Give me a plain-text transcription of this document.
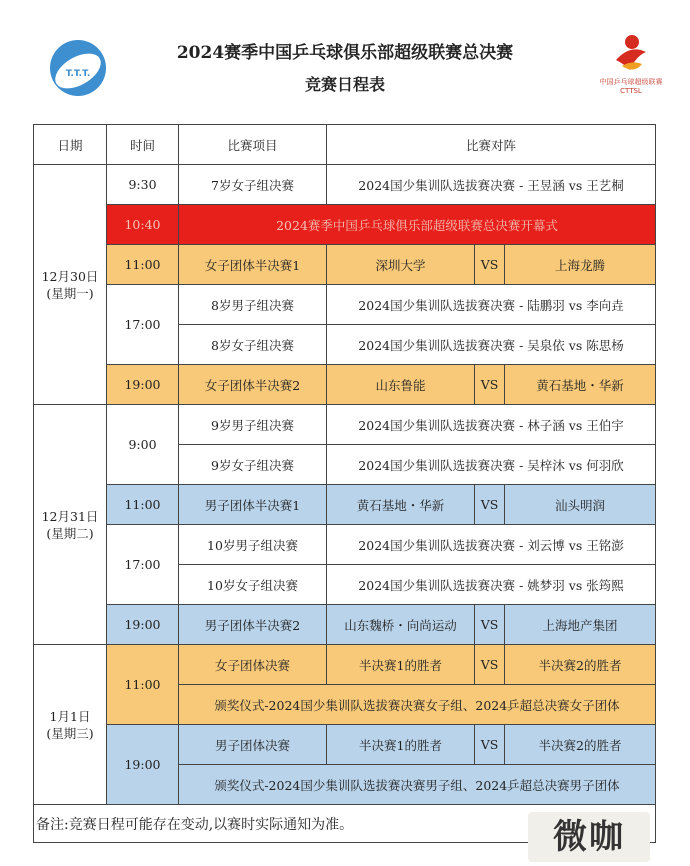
2024赛季中国乒乓球俱乐部超级联赛总决赛
竞赛日程表
T.T.T.
中国乒乓球超级联赛 CTTSL
日期	时间	比赛项目	比赛对阵		
12月30日
(星期一)	9:30	7岁女子组决赛	2024国少集训队选拔赛决赛 - 王昱涵 vs 王艺桐		
	10:40	2024赛季中国乒乓球俱乐部超级联赛总决赛开幕式			
	11:00	女子团体半决赛1	深圳大学	VS	上海龙腾
	17:00	8岁男子组决赛	2024国少集训队选拔赛决赛 - 陆鹏羽 vs 李向垚		
		8岁女子组决赛	2024国少集训队选拔赛决赛 - 吴泉依 vs 陈思杨		
	19:00	女子团体半决赛2	山东鲁能	VS	黄石基地・华新
12月31日
(星期二)	9:00	9岁男子组决赛	2024国少集训队选拔赛决赛 - 林子涵 vs 王伯宇		
		9岁女子组决赛	2024国少集训队选拔赛决赛 - 吴梓沐 vs 何羽欣		
	11:00	男子团体半决赛1	黄石基地・华新	VS	汕头明润
	17:00	10岁男子组决赛	2024国少集训队选拔赛决赛 - 刘云博 vs 王铭澎		
		10岁女子组决赛	2024国少集训队选拔赛决赛 - 姚梦羽 vs 张筠熙		
	19:00	男子团体半决赛2	山东魏桥・向尚运动	VS	上海地产集团
1月1日
(星期三)	11:00	女子团体决赛	半决赛1的胜者	VS	半决赛2的胜者
		颁奖仪式-2024国少集训队选拔赛决赛女子组、2024乒超总决赛女子团体			
	19:00	男子团体决赛	半决赛1的胜者	VS	半决赛2的胜者
		颁奖仪式-2024国少集训队选拔赛决赛男子组、2024乒超总决赛男子团体			
备注:竞赛日程可能存在变动,以赛时实际通知为准。						微咖
